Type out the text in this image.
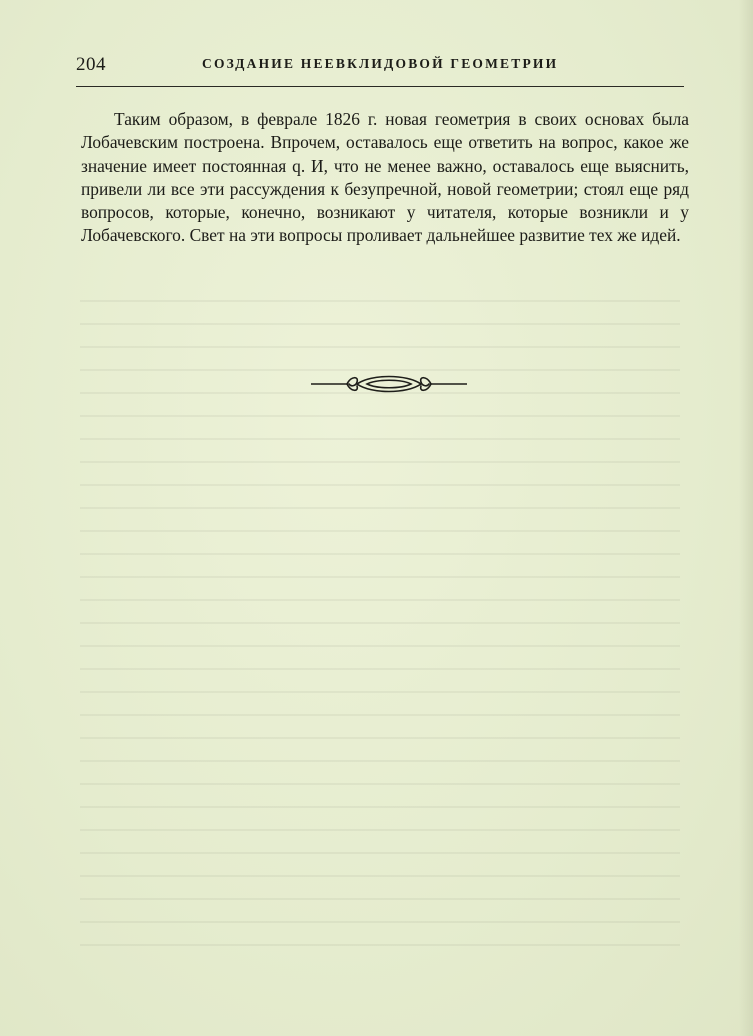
204	СОЗДАНИЕ НЕЕВКЛИДОВОЙ ГЕОМЕТРИИ

Таким образом, в феврале 1826 г. новая геометрия в своих основах была Лобачевским построена. Впрочем, оставалось еще ответить на вопрос, какое же значение имеет постоянная q. И, что не менее важно, оставалось еще выяснить, привели ли все эти рассуждения к безупречной, новой геометрии; стоял еще ряд вопросов, которые, конечно, возникают у читателя, которые возникли и у Лобачевского. Свет на эти вопросы проливает дальнейшее развитие тех же идей.
